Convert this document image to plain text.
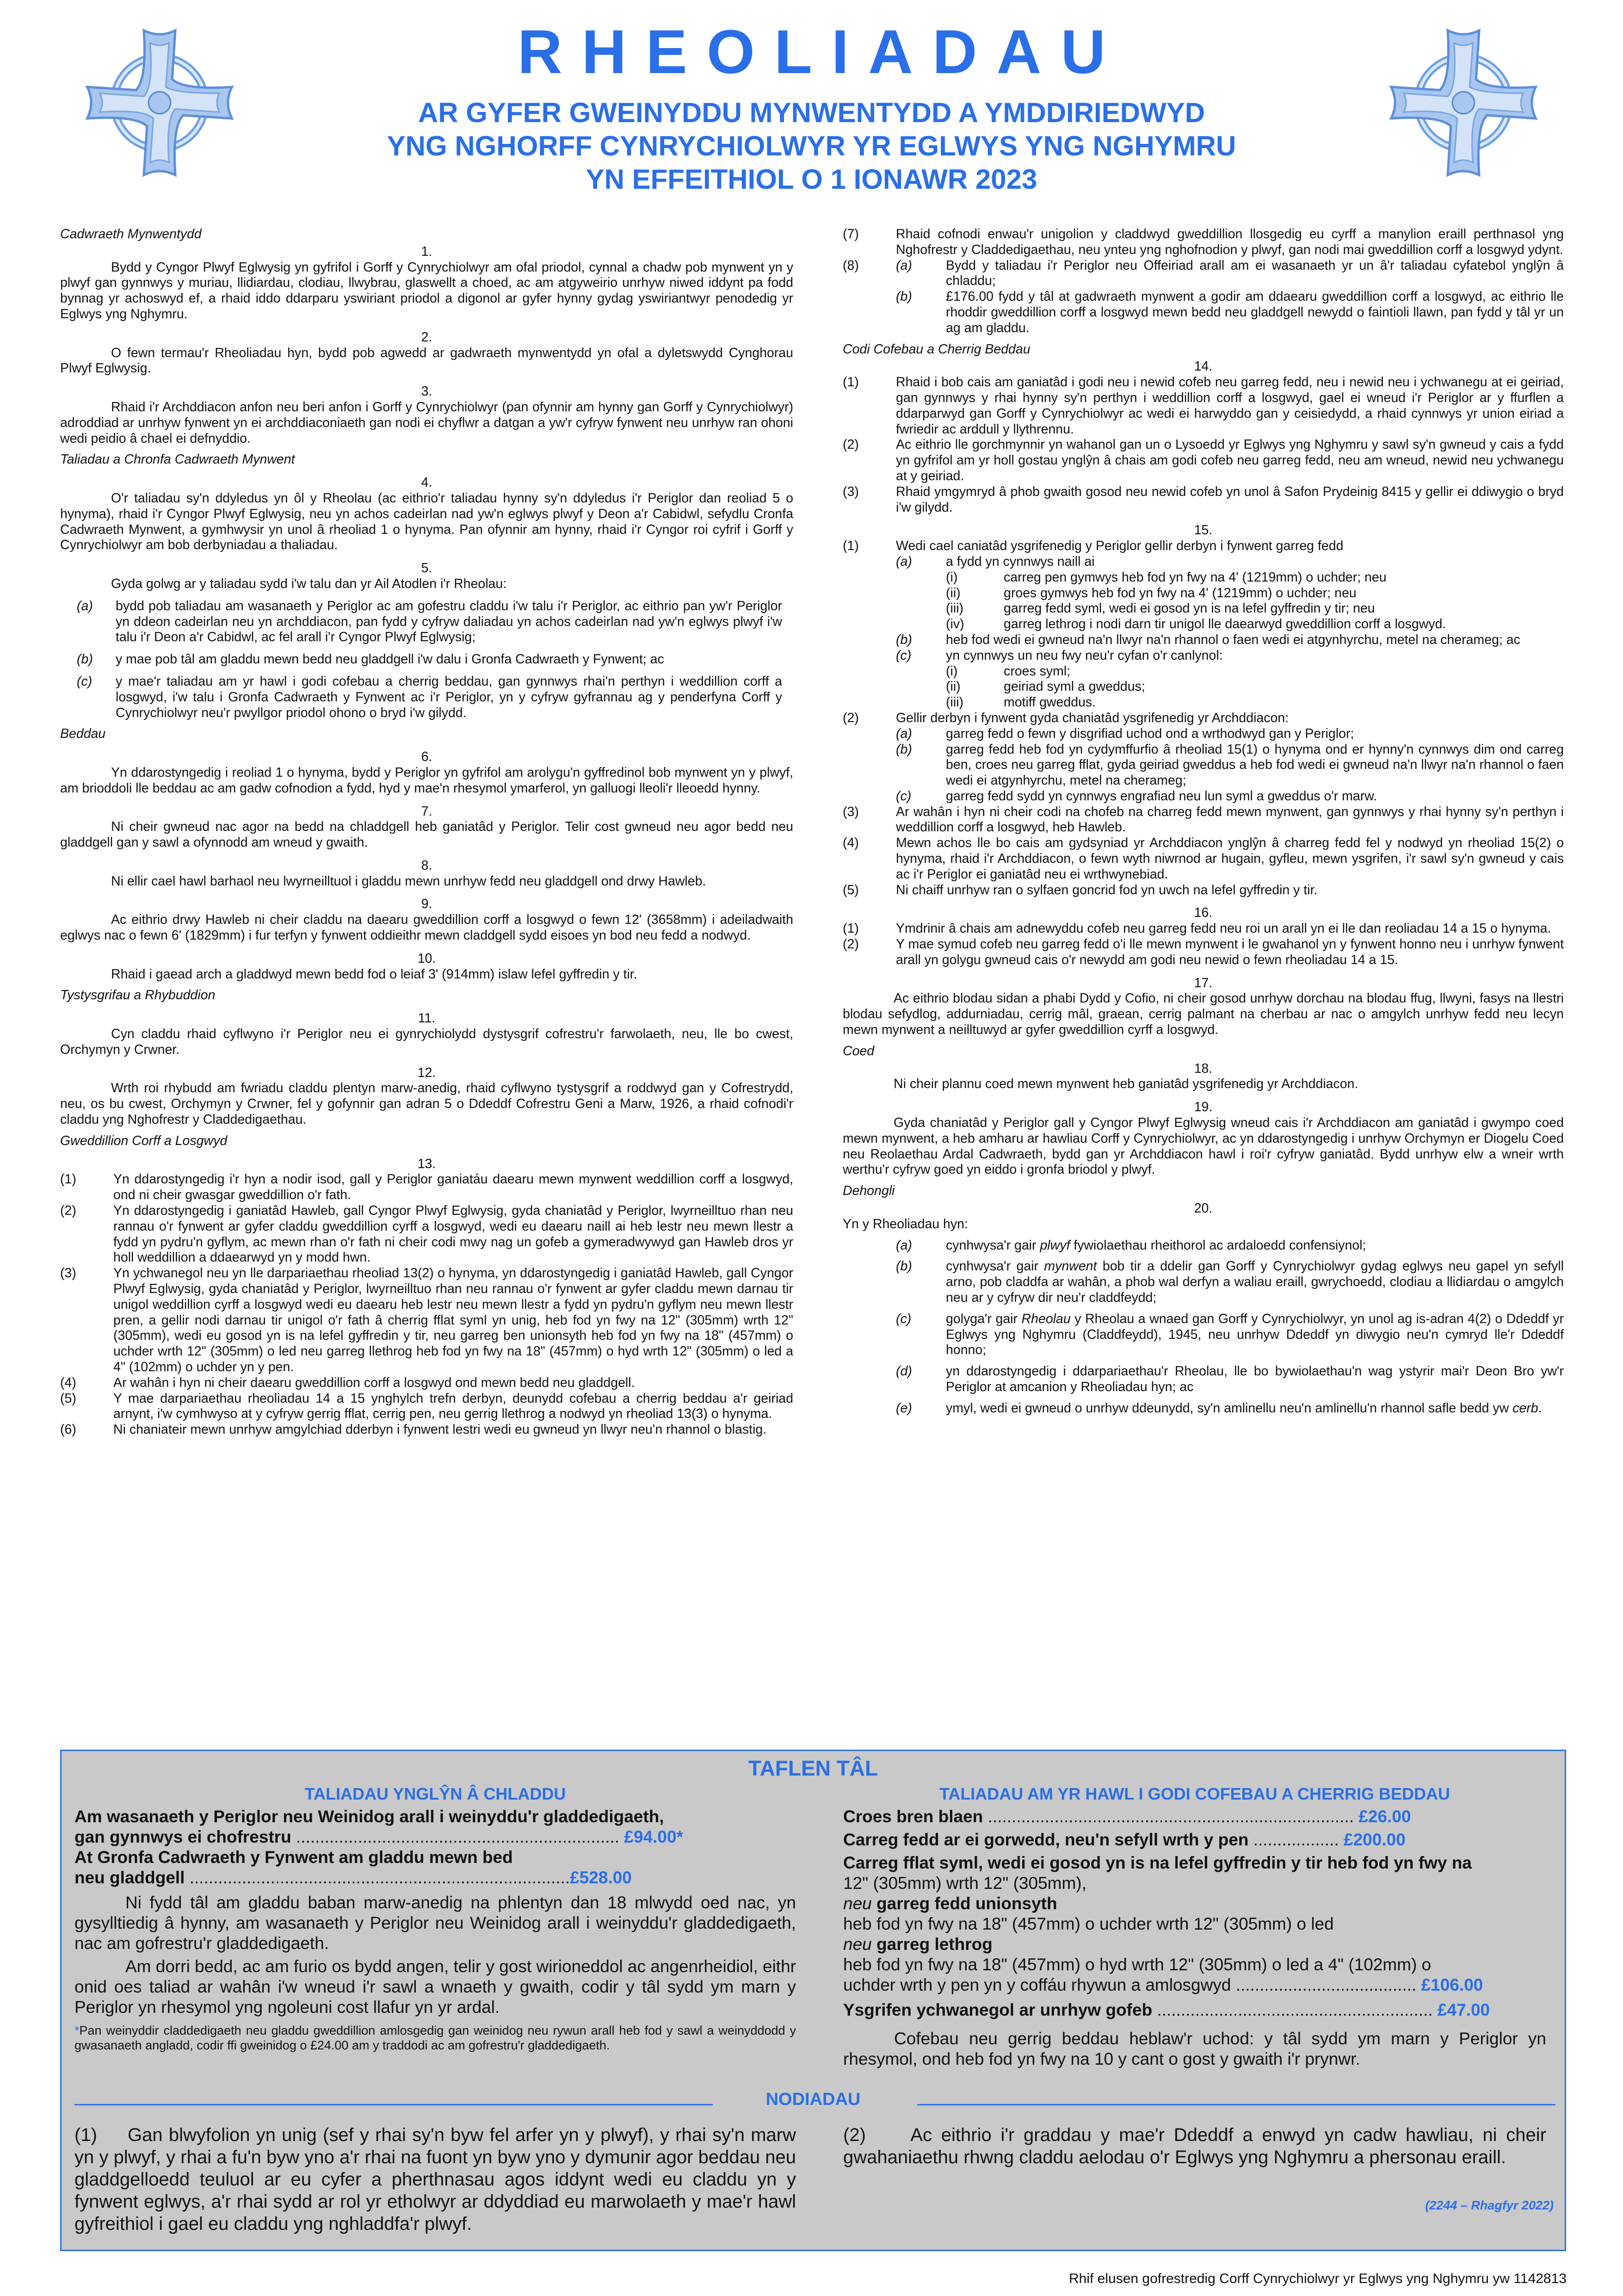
RHEOLIADAU
AR GYFER GWEINYDDU MYNWENTYDD A YMDDIRIEDWYD
YNG NGHORFF CYNRYCHIOLWYR YR EGLWYS YNG NGHYMRU
YN EFFEITHIOL O 1 IONAWR 2023
Cadwraeth Mynwentydd
1.

Bydd y Cyngor Plwyf Eglwysig yn gyfrifol i Gorff y Cynrychiolwyr am ofal priodol, cynnal a chadw pob mynwent yn y plwyf gan gynnwys y muriau, llidiardau, clodiau, llwybrau, glaswellt a choed, ac am atgyweirio unrhyw niwed iddynt pa fodd bynnag yr achoswyd ef, a rhaid iddo ddarparu yswiriant priodol a digonol ar gyfer hynny gydag yswiriantwyr penodedig yr Eglwys yng Nghymru.

2.

O fewn termau'r Rheoliadau hyn, bydd pob agwedd ar gadwraeth mynwentydd yn ofal a dyletswydd Cynghorau Plwyf Eglwysig.

3.

Rhaid i'r Archddiacon anfon neu beri anfon i Gorff y Cynrychiolwyr (pan ofynnir am hynny gan Gorff y Cynrychiolwyr) adroddiad ar unrhyw fynwent yn ei archddiaconiaeth gan nodi ei chyflwr a datgan a yw'r cyfryw fynwent neu unrhyw ran ohoni wedi peidio â chael ei defnyddio.

Taliadau a Chronfa Cadwraeth Mynwent
4.

O'r taliadau sy'n ddyledus yn ôl y Rheolau (ac eithrio'r taliadau hynny sy'n ddyledus i'r Periglor dan reoliad 5 o hynyma), rhaid i'r Cyngor Plwyf Eglwysig, neu yn achos cadeirlan nad yw'n eglwys plwyf y Deon a'r Cabidwl, sefydlu Cronfa Cadwraeth Mynwent, a gymhwysir yn unol â rheoliad 1 o hynyma. Pan ofynnir am hynny, rhaid i'r Cyngor roi cyfrif i Gorff y Cynrychiolwyr am bob derbyniadau a thaliadau.

5.

Gyda golwg ar y taliadau sydd i'w talu dan yr Ail Atodlen i'r Rheolau:

(a)	bydd pob taliadau am wasanaeth y Periglor ac am gofestru claddu i'w talu i'r Periglor, ac eithrio pan yw'r Periglor yn ddeon cadeirlan neu yn archddiacon, pan fydd y cyfryw daliadau yn achos cadeirlan nad yw'n eglwys plwyf i'w talu i'r Deon a'r Cabidwl, ac fel arall i'r Cyngor Plwyf Eglwysig;
(b)	y mae pob tâl am gladdu mewn bedd neu gladdgell i'w dalu i Gronfa Cadwraeth y Fynwent; ac
(c)	y mae'r taliadau am yr hawl i godi cofebau a cherrig beddau, gan gynnwys rhai'n perthyn i weddillion corff a losgwyd, i'w talu i Gronfa Cadwraeth y Fynwent ac i'r Periglor, yn y cyfryw gyfrannau ag y penderfyna Corff y Cynrychiolwyr neu'r pwyllgor priodol ohono o bryd i'w gilydd.
Beddau
6.

Yn ddarostyngedig i reoliad 1 o hynyma, bydd y Periglor yn gyfrifol am arolygu'n gyffredinol bob mynwent yn y plwyf, am brioddoli lle beddau ac am gadw cofnodion a fydd, hyd y mae'n rhesymol ymarferol, yn galluogi lleoli'r lleoedd hynny.

7.

Ni cheir gwneud nac agor na bedd na chladdgell heb ganiatâd y Periglor. Telir cost gwneud neu agor bedd neu gladdgell gan y sawl a ofynnodd am wneud y gwaith.

8.

Ni ellir cael hawl barhaol neu lwyrneilltuol i gladdu mewn unrhyw fedd neu gladdgell ond drwy Hawleb.

9.

Ac eithrio drwy Hawleb ni cheir claddu na daearu gweddillion corff a losgwyd o fewn 12' (3658mm) i adeiladwaith eglwys nac o fewn 6' (1829mm) i fur terfyn y fynwent oddieithr mewn claddgell sydd eisoes yn bod neu fedd a nodwyd.

10.

Rhaid i gaead arch a gladdwyd mewn bedd fod o leiaf 3' (914mm) islaw lefel gyffredin y tir.

Tystysgrifau a Rhybuddion
11.

Cyn claddu rhaid cyflwyno i'r Periglor neu ei gynrychiolydd dystysgrif cofrestru'r farwolaeth, neu, lle bo cwest, Orchymyn y Crwner.

12.

Wrth roi rhybudd am fwriadu claddu plentyn marw-anedig, rhaid cyflwyno tystysgrif a roddwyd gan y Cofrestrydd, neu, os bu cwest, Orchymyn y Crwner, fel y gofynnir gan adran 5 o Ddeddf Cofrestru Geni a Marw, 1926, a rhaid cofnodi'r claddu yng Nghofrestr y Claddedigaethau.

Gweddillion Corff a Losgwyd
13.
(1)	Yn ddarostyngedig i'r hyn a nodir isod, gall y Periglor ganiatáu daearu mewn mynwent weddillion corff a losgwyd, ond ni cheir gwasgar gweddillion o'r fath.
(2)	Yn ddarostyngedig i ganiatâd Hawleb, gall Cyngor Plwyf Eglwysig, gyda chaniatâd y Periglor, lwyrneilltuo rhan neu rannau o'r fynwent ar gyfer claddu gweddillion cyrff a losgwyd, wedi eu daearu naill ai heb lestr neu mewn llestr a fydd yn pydru'n gyflym, ac mewn rhan o'r fath ni cheir codi mwy nag un gofeb a gymeradwywyd gan Hawleb dros yr holl weddillion a ddaearwyd yn y modd hwn.
(3)	Yn ychwanegol neu yn lle darpariaethau rheoliad 13(2) o hynyma, yn ddarostyngedig i ganiatâd Hawleb, gall Cyngor Plwyf Eglwysig, gyda chaniatâd y Periglor, lwyrneilltuo rhan neu rannau o'r fynwent ar gyfer claddu mewn darnau tir unigol weddillion cyrff a losgwyd wedi eu daearu heb lestr neu mewn llestr a fydd yn pydru'n gyflym neu mewn llestr pren, a gellir nodi darnau tir unigol o'r fath â cherrig fflat syml yn unig, heb fod yn fwy na 12" (305mm) wrth 12" (305mm), wedi eu gosod yn is na lefel gyffredin y tir, neu garreg ben unionsyth heb fod yn fwy na 18" (457mm) o uchder wrth 12" (305mm) o led neu garreg llethrog heb fod yn fwy na 18" (457mm) o hyd wrth 12" (305mm) o led a 4" (102mm) o uchder yn y pen.
(4)	Ar wahân i hyn ni cheir daearu gweddillion corff a losgwyd ond mewn bedd neu gladdgell.
(5)	Y mae darpariaethau rheoliadau 14 a 15 ynghylch trefn derbyn, deunydd cofebau a cherrig beddau a'r geiriad arnynt, i'w cymhwyso at y cyfryw gerrig fflat, cerrig pen, neu gerrig llethrog a nodwyd yn rheoliad 13(3) o hynyma.
(6)	Ni chaniateir mewn unrhyw amgylchiad dderbyn i fynwent lestri wedi eu gwneud yn llwyr neu'n rhannol o blastig.
(7)	Rhaid cofnodi enwau'r unigolion y claddwyd gweddillion llosgedig eu cyrff a manylion eraill perthnasol yng Nghofrestr y Claddedigaethau, neu ynteu yng nghofnodion y plwyf, gan nodi mai gweddillion corff a losgwyd ydynt.
(8)	(a)	Bydd y taliadau i'r Periglor neu Offeiriad arall am ei wasanaeth yr un â'r taliadau cyfatebol ynglŷn â chladdu;
(b)	£176.00 fydd y tâl at gadwraeth mynwent a godir am ddaearu gweddillion corff a losgwyd, ac eithrio lle rhoddir gweddillion corff a losgwyd mewn bedd neu gladdgell newydd o faintioli llawn, pan fydd y tâl yr un ag am gladdu.
Codi Cofebau a Cherrig Beddau
14.
(1)	Rhaid i bob cais am ganiatâd i godi neu i newid cofeb neu garreg fedd, neu i newid neu i ychwanegu at ei geiriad, gan gynnwys y rhai hynny sy'n perthyn i weddillion corff a losgwyd, gael ei wneud i'r Periglor ar y ffurflen a ddarparwyd gan Gorff y Cynrychiolwyr ac wedi ei harwyddo gan y ceisiedydd, a rhaid cynnwys yr union eiriad a fwriedir ac arddull y llythrennu.
(2)	Ac eithrio lle gorchmynnir yn wahanol gan un o Lysoedd yr Eglwys yng Nghymru y sawl sy'n gwneud y cais a fydd yn gyfrifol am yr holl gostau ynglŷn â chais am godi cofeb neu garreg fedd, neu am wneud, newid neu ychwanegu at y geiriad.
(3)	Rhaid ymgymryd â phob gwaith gosod neu newid cofeb yn unol â Safon Prydeinig 8415 y gellir ei ddiwygio o bryd i'w gilydd.
15.
(1)	Wedi cael caniatâd ysgrifenedig y Periglor gellir derbyn i fynwent garreg fedd
(a)	a fydd yn cynnwys naill ai
(i)	carreg pen gymwys heb fod yn fwy na 4' (1219mm) o uchder; neu
(ii)	groes gymwys heb fod yn fwy na 4' (1219mm) o uchder; neu
(iii)	garreg fedd syml, wedi ei gosod yn is na lefel gyffredin y tir; neu
(iv)	garreg lethrog i nodi darn tir unigol lle daearwyd gweddillion corff a losgwyd.
(b)	heb fod wedi ei gwneud na'n llwyr na'n rhannol o faen wedi ei atgynhyrchu, metel na cherameg; ac
(c)	yn cynnwys un neu fwy neu'r cyfan o'r canlynol:
(i)	croes syml;
(ii)	geiriad syml a gweddus;
(iii)	motiff gweddus.
(2)	Gellir derbyn i fynwent gyda chaniatâd ysgrifenedig yr Archddiacon:
(a)	garreg fedd o fewn y disgrifiad uchod ond a wrthodwyd gan y Periglor;
(b)	garreg fedd heb fod yn cydymffurfio â rheoliad 15(1) o hynyma ond er hynny'n cynnwys dim ond carreg ben, croes neu garreg fflat, gyda geiriad gweddus a heb fod wedi ei gwneud na'n llwyr na'n rhannol o faen wedi ei atgynhyrchu, metel na cherameg;
(c)	garreg fedd sydd yn cynnwys engrafiad neu lun syml a gweddus o'r marw.
(3)	Ar wahân i hyn ni cheir codi na chofeb na charreg fedd mewn mynwent, gan gynnwys y rhai hynny sy'n perthyn i weddillion corff a losgwyd, heb Hawleb.
(4)	Mewn achos lle bo cais am gydsyniad yr Archddiacon ynglŷn â charreg fedd fel y nodwyd yn rheoliad 15(2) o hynyma, rhaid i'r Archddiacon, o fewn wyth niwrnod ar hugain, gyfleu, mewn ysgrifen, i'r sawl sy'n gwneud y cais ac i'r Periglor ei ganiatâd neu ei wrthwynebiad.
(5)	Ni chaiff unrhyw ran o sylfaen goncrid fod yn uwch na lefel gyffredin y tir.
16.
(1)	Ymdrinir â chais am adnewyddu cofeb neu garreg fedd neu roi un arall yn ei lle dan reoliadau 14 a 15 o hynyma.
(2)	Y mae symud cofeb neu garreg fedd o'i lle mewn mynwent i le gwahanol yn y fynwent honno neu i unrhyw fynwent arall yn golygu gwneud cais o'r newydd am godi neu newid o fewn rheoliadau 14 a 15.
17.

Ac eithrio blodau sidan a phabi Dydd y Cofio, ni cheir gosod unrhyw dorchau na blodau ffug, llwyni, fasys na llestri blodau sefydlog, addurniadau, cerrig mâl, graean, cerrig palmant na cherbau ar nac o amgylch unrhyw fedd neu lecyn mewn mynwent a neilltuwyd ar gyfer gweddillion cyrff a losgwyd.

Coed
18.

Ni cheir plannu coed mewn mynwent heb ganiatâd ysgrifenedig yr Archddiacon.

19.

Gyda chaniatâd y Periglor gall y Cyngor Plwyf Eglwysig wneud cais i'r Archddiacon am ganiatâd i gwympo coed mewn mynwent, a heb amharu ar hawliau Corff y Cynrychiolwyr, ac yn ddarostyngedig i unrhyw Orchymyn er Diogelu Coed neu Reolaethau Ardal Cadwraeth, bydd gan yr Archddiacon hawl i roi'r cyfryw ganiatâd. Bydd unrhyw elw a wneir wrth werthu'r cyfryw goed yn eiddo i gronfa briodol y plwyf.

Dehongli
20.

Yn y Rheoliadau hyn:

(a)	cynhwysa'r gair plwyf fywiolaethau rheithorol ac ardaloedd confensiynol;
(b)	cynhwysa'r gair mynwent bob tir a ddelir gan Gorff y Cynrychiolwyr gydag eglwys neu gapel yn sefyll arno, pob claddfa ar wahân, a phob wal derfyn a waliau eraill, gwrychoedd, clodiau a llidiardau o amgylch neu ar y cyfryw dir neu'r claddfeydd;
(c)	golyga'r gair Rheolau y Rheolau a wnaed gan Gorff y Cynrychiolwyr, yn unol ag is-adran 4(2) o Ddeddf yr Eglwys yng Nghymru (Claddfeydd), 1945, neu unrhyw Ddeddf yn diwygio neu'n cymryd lle'r Ddeddf honno;
(d)	yn ddarostyngedig i ddarpariaethau'r Rheolau, lle bo bywiolaethau'n wag ystyrir mai'r Deon Bro yw'r Periglor at amcanion y Rheoliadau hyn; ac
(e)	ymyl, wedi ei gwneud o unrhyw ddeunydd, sy'n amlinellu neu'n amlinellu'n rhannol safle bedd yw cerb.
TAFLEN TÂL
TALIADAU YNGLŶN Â CHLADDU	TALIADAU AM YR HAWL I GODI COFEBAU A CHERRIG BEDDAU
Am wasanaeth y Periglor neu Weinidog arall i weinyddu'r gladdedigaeth,
gan gynnwys ei chofrestru .................................................................... £94.00*
At Gronfa Cadwraeth y Fynwent am gladdu mewn bed
neu gladdgell ................................................................................£528.00

Ni fydd tâl am gladdu baban marw-anedig na phlentyn dan 18 mlwydd oed nac, yn gysylltiedig â hynny, am wasanaeth y Periglor neu Weinidog arall i weinyddu'r gladdedigaeth, nac am gofrestru'r gladdedigaeth.

Am dorri bedd, ac am furio os bydd angen, telir y gost wirioneddol ac angenrheidiol, eithr onid oes taliad ar wahân i'w wneud i'r sawl a wnaeth y gwaith, codir y tâl sydd ym marn y Periglor yn rhesymol yng ngoleuni cost llafur yn yr ardal.

*Pan weinyddir claddedigaeth neu gladdu gweddillion amlosgedig gan weinidog neu rywun arall heb fod y sawl a weinyddodd y gwasanaeth angladd, codir ffi gweinidog o £24.00 am y traddodi ac am gofrestru'r gladdedigaeth.

Croes bren blaen ............................................................................. £26.00
Carreg fedd ar ei gorwedd, neu'n sefyll wrth y pen .................. £200.00
Carreg fflat syml, wedi ei gosod yn is na lefel gyffredin y tir heb fod yn fwy na
12" (305mm) wrth 12" (305mm),
neu garreg fedd unionsyth
heb fod yn fwy na 18" (457mm) o uchder wrth 12" (305mm) o led
neu garreg lethrog
heb fod yn fwy na 18" (457mm) o hyd wrth 12" (305mm) o led a 4" (102mm) o
uchder wrth y pen yn y coffáu rhywun a amlosgwyd ...................................... £106.00
Ysgrifen ychwanegol ar unrhyw gofeb .......................................................... £47.00

Cofebau neu gerrig beddau heblaw'r uchod: y tâl sydd ym marn y Periglor yn rhesymol, ond heb fod yn fwy na 10 y cant o gost y gwaith i'r prynwr.

NODIADAU
(1) Gan blwyfolion yn unig (sef y rhai sy'n byw fel arfer yn y plwyf), y rhai sy'n marw yn y plwyf, y rhai a fu'n byw yno a'r rhai na fuont yn byw yno y dymunir agor beddau neu gladdgelloedd teuluol ar eu cyfer a pherthnasau agos iddynt wedi eu claddu yn y fynwent eglwys, a'r rhai sydd ar rol yr etholwyr ar ddyddiad eu marwolaeth y mae'r hawl gyfreithiol i gael eu claddu yng nghladdfa'r plwyf.
(2) Ac eithrio i'r graddau y mae'r Ddeddf a enwyd yn cadw hawliau, ni cheir gwahaniaethu rhwng claddu aelodau o'r Eglwys yng Nghymru a phersonau eraill.
(2244 – Rhagfyr 2022)
Rhif elusen gofrestredig Corff Cynrychiolwyr yr Eglwys yng Nghymru yw 1142813
